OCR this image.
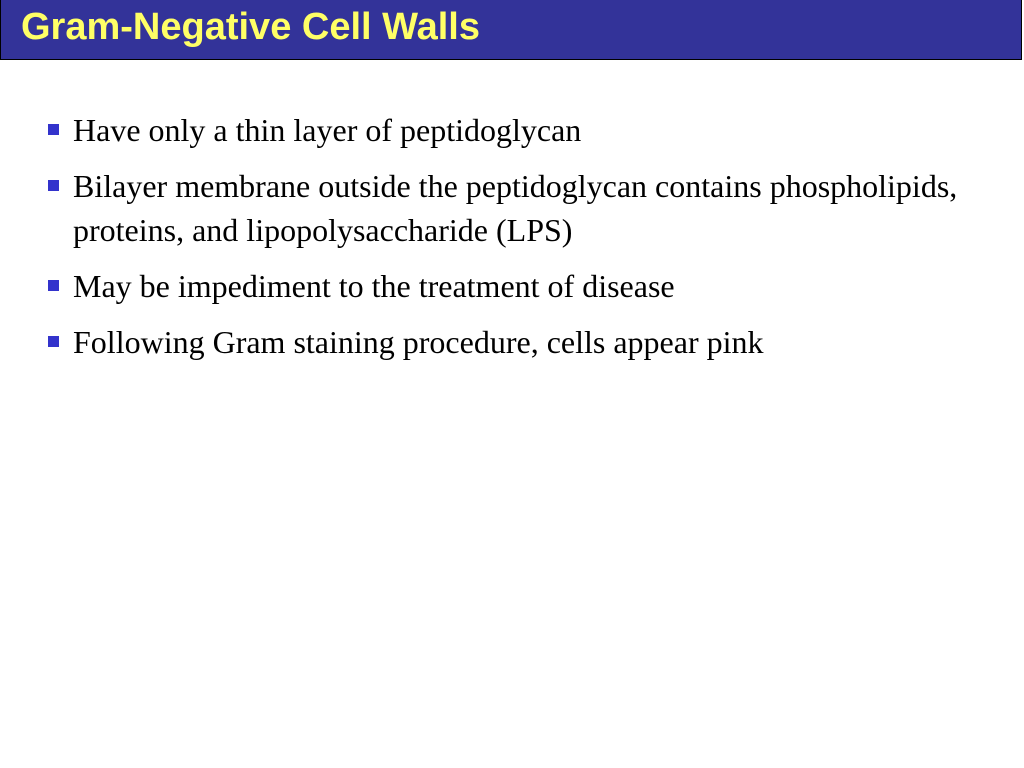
Gram-Negative Cell Walls
Have only a thin layer of peptidoglycan
Bilayer membrane outside the peptidoglycan contains phospholipids, proteins, and lipopolysaccharide (LPS)
May be impediment to the treatment of disease
Following Gram staining procedure, cells appear pink
